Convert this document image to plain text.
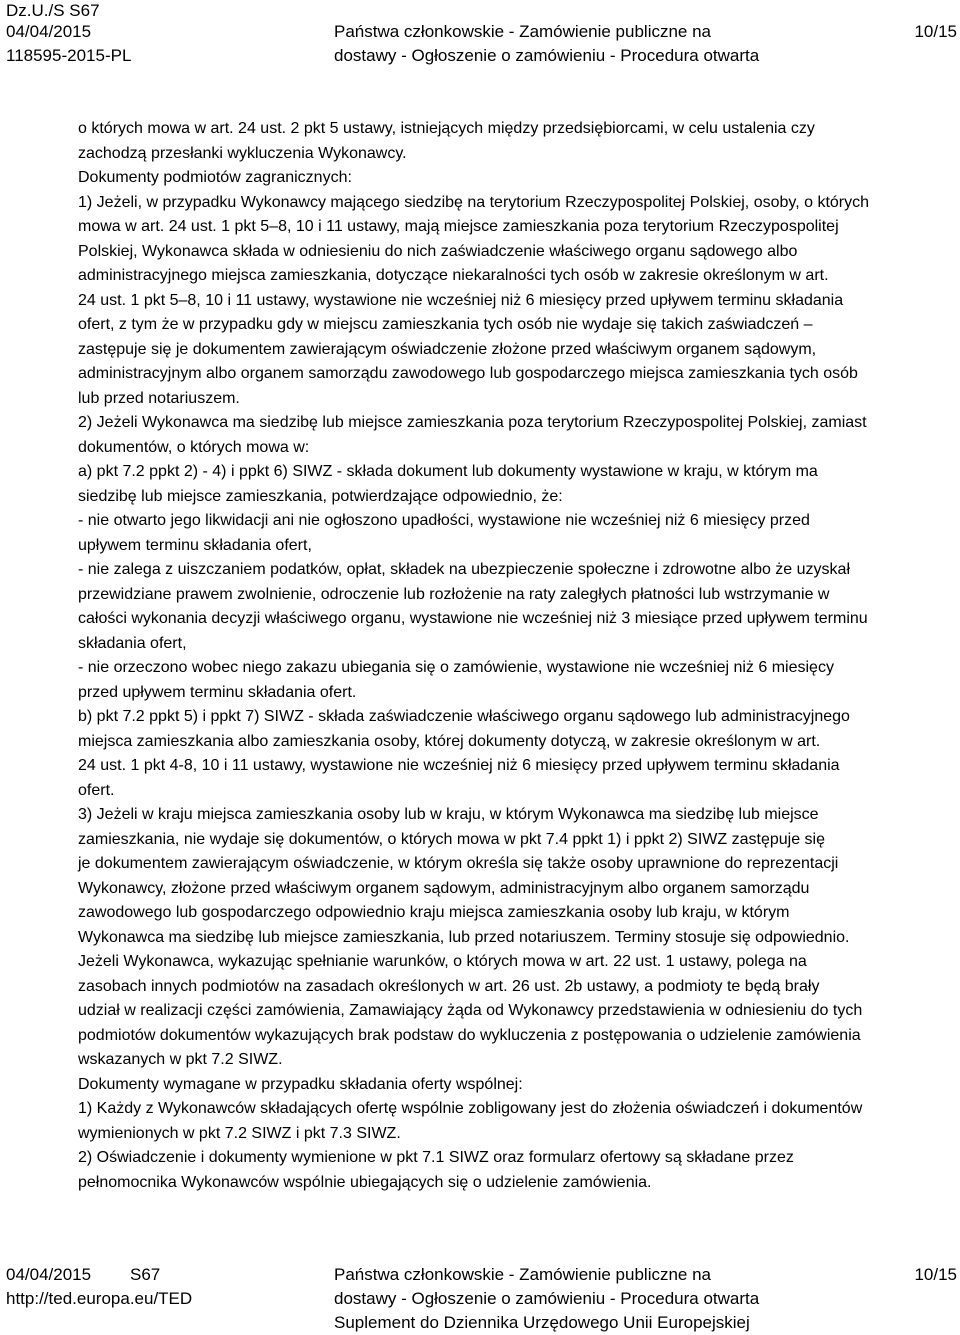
Dz.U./S S67
04/04/2015
118595-2015-PL
Państwa członkowskie - Zamówienie publiczne na
dostawy - Ogłoszenie o zamówieniu - Procedura otwarta
10/15

o których mowa w art. 24 ust. 2 pkt 5 ustawy, istniejących między przedsiębiorcami, w celu ustalenia czy

zachodzą przesłanki wykluczenia Wykonawcy.

Dokumenty podmiotów zagranicznych:

1) Jeżeli, w przypadku Wykonawcy mającego siedzibę na terytorium Rzeczypospolitej Polskiej, osoby, o których

mowa w art. 24 ust. 1 pkt 5–8, 10 i 11 ustawy, mają miejsce zamieszkania poza terytorium Rzeczypospolitej

Polskiej, Wykonawca składa w odniesieniu do nich zaświadczenie właściwego organu sądowego albo

administracyjnego miejsca zamieszkania, dotyczące niekaralności tych osób w zakresie określonym w art.

24 ust. 1 pkt 5–8, 10 i 11 ustawy, wystawione nie wcześniej niż 6 miesięcy przed upływem terminu składania

ofert, z tym że w przypadku gdy w miejscu zamieszkania tych osób nie wydaje się takich zaświadczeń –

zastępuje się je dokumentem zawierającym oświadczenie złożone przed właściwym organem sądowym,

administracyjnym albo organem samorządu zawodowego lub gospodarczego miejsca zamieszkania tych osób

lub przed notariuszem.

2) Jeżeli Wykonawca ma siedzibę lub miejsce zamieszkania poza terytorium Rzeczypospolitej Polskiej, zamiast

dokumentów, o których mowa w:

a) pkt 7.2 ppkt 2) - 4) i ppkt 6) SIWZ - składa dokument lub dokumenty wystawione w kraju, w którym ma

siedzibę lub miejsce zamieszkania, potwierdzające odpowiednio, że:

- nie otwarto jego likwidacji ani nie ogłoszono upadłości, wystawione nie wcześniej niż 6 miesięcy przed

upływem terminu składania ofert,

- nie zalega z uiszczaniem podatków, opłat, składek na ubezpieczenie społeczne i zdrowotne albo że uzyskał

przewidziane prawem zwolnienie, odroczenie lub rozłożenie na raty zaległych płatności lub wstrzymanie w

całości wykonania decyzji właściwego organu, wystawione nie wcześniej niż 3 miesiące przed upływem terminu

składania ofert,

- nie orzeczono wobec niego zakazu ubiegania się o zamówienie, wystawione nie wcześniej niż 6 miesięcy

przed upływem terminu składania ofert.

b) pkt 7.2 ppkt 5) i ppkt 7) SIWZ - składa zaświadczenie właściwego organu sądowego lub administracyjnego

miejsca zamieszkania albo zamieszkania osoby, której dokumenty dotyczą, w zakresie określonym w art.

24 ust. 1 pkt 4-8, 10 i 11 ustawy, wystawione nie wcześniej niż 6 miesięcy przed upływem terminu składania

ofert.

3) Jeżeli w kraju miejsca zamieszkania osoby lub w kraju, w którym Wykonawca ma siedzibę lub miejsce

zamieszkania, nie wydaje się dokumentów, o których mowa w pkt 7.4 ppkt 1) i ppkt 2) SIWZ zastępuje się

je dokumentem zawierającym oświadczenie, w którym określa się także osoby uprawnione do reprezentacji

Wykonawcy, złożone przed właściwym organem sądowym, administracyjnym albo organem samorządu

zawodowego lub gospodarczego odpowiednio kraju miejsca zamieszkania osoby lub kraju, w którym

Wykonawca ma siedzibę lub miejsce zamieszkania, lub przed notariuszem. Terminy stosuje się odpowiednio.

Jeżeli Wykonawca, wykazując spełnianie warunków, o których mowa w art. 22 ust. 1 ustawy, polega na

zasobach innych podmiotów na zasadach określonych w art. 26 ust. 2b ustawy, a podmioty te będą brały

udział w realizacji części zamówienia, Zamawiający żąda od Wykonawcy przedstawienia w odniesieniu do tych

podmiotów dokumentów wykazujących brak podstaw do wykluczenia z postępowania o udzielenie zamówienia

wskazanych w pkt 7.2 SIWZ.

Dokumenty wymagane w przypadku składania oferty wspólnej:

1) Każdy z Wykonawców składających ofertę wspólnie zobligowany jest do złożenia oświadczeń i dokumentów

wymienionych w pkt 7.2 SIWZ i pkt 7.3 SIWZ.

2) Oświadczenie i dokumenty wymienione w pkt 7.1 SIWZ oraz formularz ofertowy są składane przez

pełnomocnika Wykonawców wspólnie ubiegających się o udzielenie zamówienia.

04/04/2015 S67
http://ted.europa.eu/TED
Państwa członkowskie - Zamówienie publiczne na
dostawy - Ogłoszenie o zamówieniu - Procedura otwarta
Suplement do Dziennika Urzędowego Unii Europejskiej
10/15
